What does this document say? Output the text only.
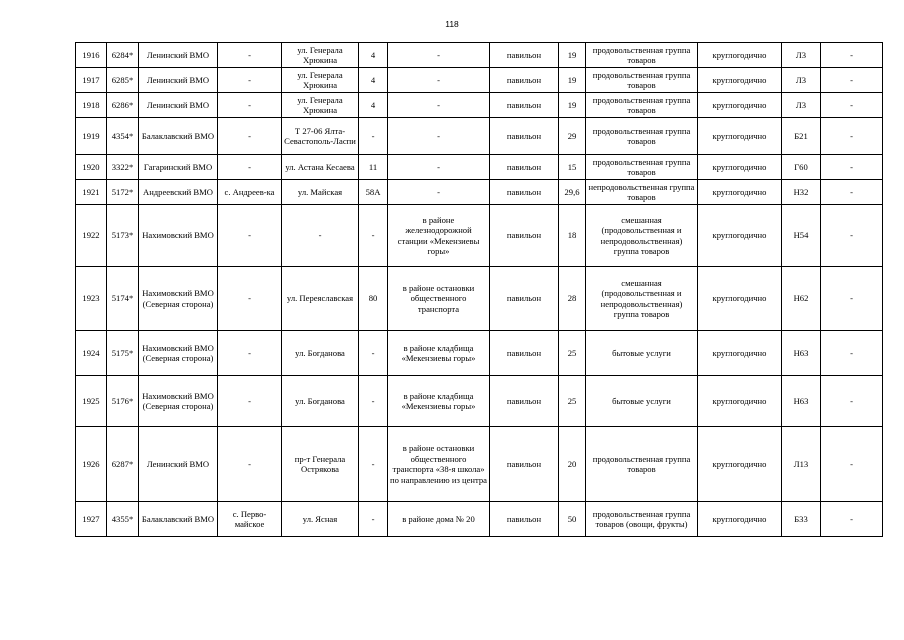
118
1916	6284*	Ленинский ВМО	-	ул. Генерала Хрюкина	4	-	павильон	19	продовольственная группа товаров	круглогодично	Л3	-
1917	6285*	Ленинский ВМО	-	ул. Генерала Хрюкина	4	-	павильон	19	продовольственная группа товаров	круглогодично	Л3	-
1918	6286*	Ленинский ВМО	-	ул. Генерала Хрюкина	4	-	павильон	19	продовольственная группа товаров	круглогодично	Л3	-
1919	4354*	Балаклавский ВМО	-	Т 27-06 Ялта-Севастополь-Ласпи	-	-	павильон	29	продовольственная группа товаров	круглогодично	Б21	-
1920	3322*	Гагаринский ВМО	-	ул. Астана Кесаева	11	-	павильон	15	продовольственная группа товаров	круглогодично	Г60	-
1921	5172*	Андреевский ВМО	с. Андреев-ка	ул. Майская	58А	-	павильон	29,6	непродовольственная группа товаров	круглогодично	Н32	-
1922	5173*	Нахимовский ВМО	-	-	-	в районе железнодорожной станции «Мекензиевы горы»	павильон	18	смешанная (продовольственная и непродовольственная) группа товаров	круглогодично	Н54	-
1923	5174*	Нахимовский ВМО (Северная сторона)	-	ул. Переяславская	80	в районе остановки общественного транспорта	павильон	28	смешанная (продовольственная и непродовольственная) группа товаров	круглогодично	Н62	-
1924	5175*	Нахимовский ВМО (Северная сторона)	-	ул. Богданова	-	в районе кладбища «Мекензиевы горы»	павильон	25	бытовые услуги	круглогодично	Н63	-
1925	5176*	Нахимовский ВМО (Северная сторона)	-	ул. Богданова	-	в районе кладбища «Мекензиевы горы»	павильон	25	бытовые услуги	круглогодично	Н63	-
1926	6287*	Ленинский ВМО	-	пр-т Генерала Острякова	-	в районе остановки общественного транспорта «38-я школа» по направлению из центра	павильон	20	продовольственная группа товаров	круглогодично	Л13	-
1927	4355*	Балаклавский ВМО	с. Перво-майское	ул. Ясная	-	в районе дома № 20	павильон	50	продовольственная группа товаров (овощи, фрукты)	круглогодично	Б33	-
